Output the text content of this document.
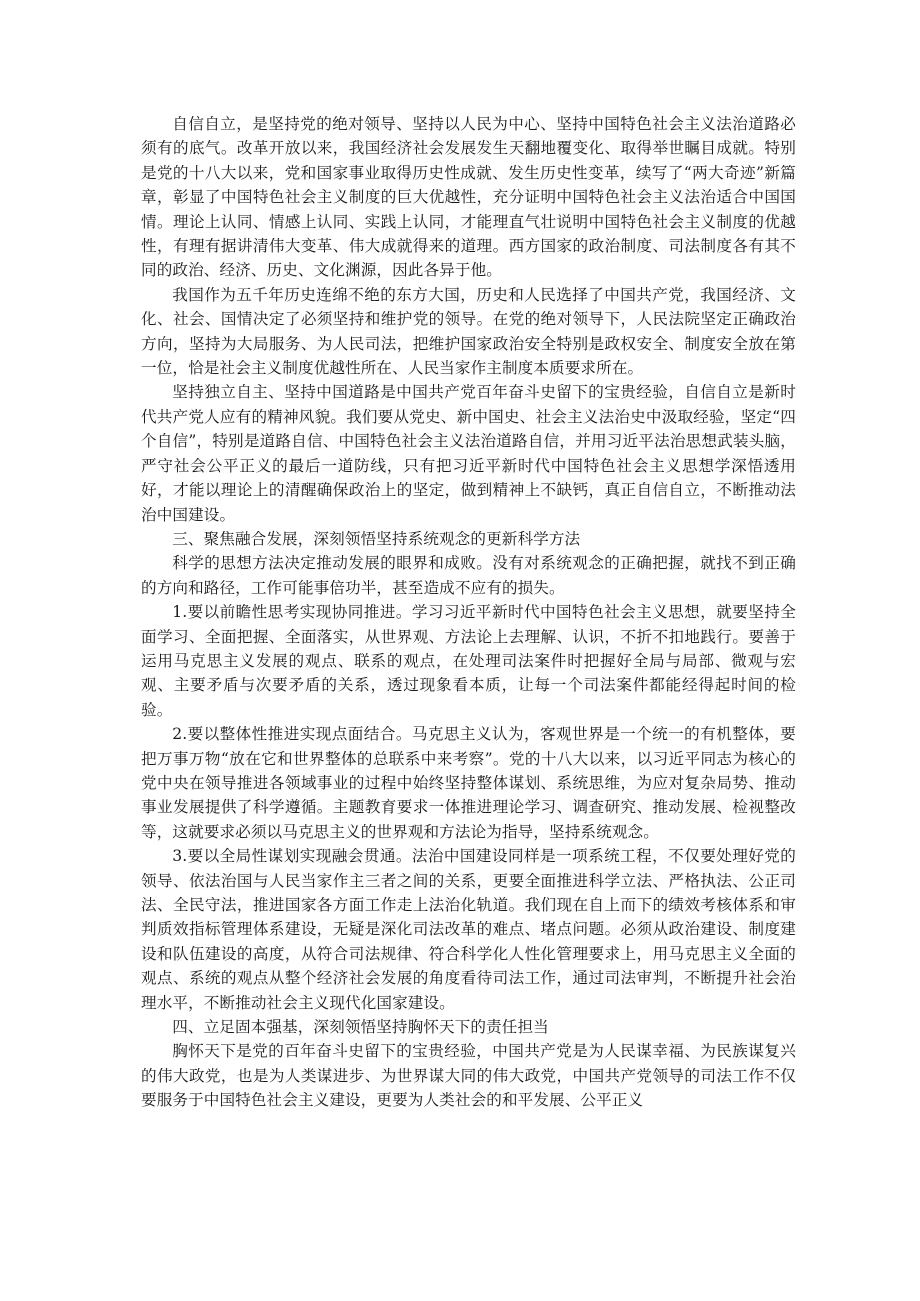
自信自立，是坚持党的绝对领导、坚持以人民为中心、坚持中国特色社会主义法治道路必须有的底气。改革开放以来，我国经济社会发展发生天翻地覆变化、取得举世瞩目成就。特别是党的十八大以来，党和国家事业取得历史性成就、发生历史性变革，续写了“两大奇迹”新篇章，彰显了中国特色社会主义制度的巨大优越性，充分证明中国特色社会主义法治适合中国国情。理论上认同、情感上认同、实践上认同，才能理直气壮说明中国特色社会主义制度的优越性，有理有据讲清伟大变革、伟大成就得来的道理。西方国家的政治制度、司法制度各有其不同的政治、经济、历史、文化渊源，因此各异于他。

我国作为五千年历史连绵不绝的东方大国，历史和人民选择了中国共产党，我国经济、文化、社会、国情决定了必须坚持和维护党的领导。在党的绝对领导下，人民法院坚定正确政治方向，坚持为大局服务、为人民司法，把维护国家政治安全特别是政权安全、制度安全放在第一位，恰是社会主义制度优越性所在、人民当家作主制度本质要求所在。

坚持独立自主、坚持中国道路是中国共产党百年奋斗史留下的宝贵经验，自信自立是新时代共产党人应有的精神风貌。我们要从党史、新中国史、社会主义法治史中汲取经验，坚定“四个自信”，特别是道路自信、中国特色社会主义法治道路自信，并用习近平法治思想武装头脑，严守社会公平正义的最后一道防线，只有把习近平新时代中国特色社会主义思想学深悟透用好，才能以理论上的清醒确保政治上的坚定，做到精神上不缺钙，真正自信自立，不断推动法治中国建设。

三、聚焦融合发展，深刻领悟坚持系统观念的更新科学方法

科学的思想方法决定推动发展的眼界和成败。没有对系统观念的正确把握，就找不到正确的方向和路径，工作可能事倍功半，甚至造成不应有的损失。

1.要以前瞻性思考实现协同推进。学习习近平新时代中国特色社会主义思想，就要坚持全面学习、全面把握、全面落实，从世界观、方法论上去理解、认识，不折不扣地践行。要善于运用马克思主义发展的观点、联系的观点，在处理司法案件时把握好全局与局部、微观与宏观、主要矛盾与次要矛盾的关系，透过现象看本质，让每一个司法案件都能经得起时间的检验。

2.要以整体性推进实现点面结合。马克思主义认为，客观世界是一个统一的有机整体，要把万事万物“放在它和世界整体的总联系中来考察”。党的十八大以来，以习近平同志为核心的党中央在领导推进各领域事业的过程中始终坚持整体谋划、系统思维，为应对复杂局势、推动事业发展提供了科学遵循。主题教育要求一体推进理论学习、调查研究、推动发展、检视整改等，这就要求必须以马克思主义的世界观和方法论为指导，坚持系统观念。

3.要以全局性谋划实现融会贯通。法治中国建设同样是一项系统工程，不仅要处理好党的领导、依法治国与人民当家作主三者之间的关系，更要全面推进科学立法、严格执法、公正司法、全民守法，推进国家各方面工作走上法治化轨道。我们现在自上而下的绩效考核体系和审判质效指标管理体系建设，无疑是深化司法改革的难点、堵点问题。必须从政治建设、制度建设和队伍建设的高度，从符合司法规律、符合科学化人性化管理要求上，用马克思主义全面的观点、系统的观点从整个经济社会发展的角度看待司法工作，通过司法审判，不断提升社会治理水平，不断推动社会主义现代化国家建设。

四、立足固本强基，深刻领悟坚持胸怀天下的责任担当

胸怀天下是党的百年奋斗史留下的宝贵经验，中国共产党是为人民谋幸福、为民族谋复兴的伟大政党，也是为人类谋进步、为世界谋大同的伟大政党，中国共产党领导的司法工作不仅要服务于中国特色社会主义建设，更要为人类社会的和平发展、公平正义
